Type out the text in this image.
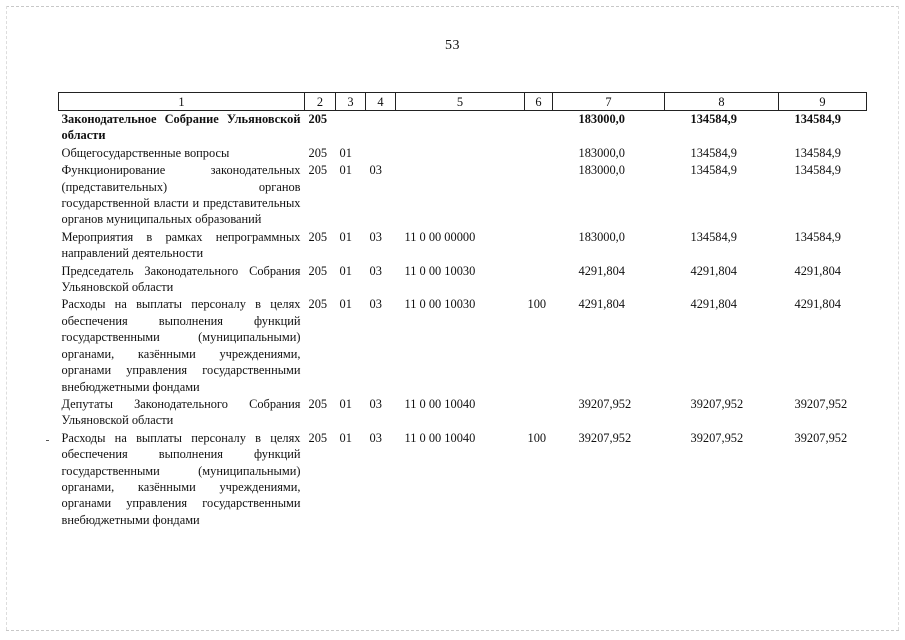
53
1	2	3	4	5	6	7	8	9
Законодательное Собрание Ульяновской области	205					183000,0	134584,9	134584,9
Общегосударственные вопросы	205	01				183000,0	134584,9	134584,9
Функционирование законодательных (представительных) органов государственной власти и представительных органов муниципальных образований	205	01	03			183000,0	134584,9	134584,9
Мероприятия в рамках непрограммных направлений деятельности	205	01	03	11 0 00 00000		183000,0	134584,9	134584,9
Председатель Законодательного Собрания Ульяновской области	205	01	03	11 0 00 10030		4291,804	4291,804	4291,804
Расходы на выплаты персоналу в целях обеспечения выполнения функций государственными (муниципальными) органами, казёнными учреждениями, органами управления государственными внебюджетными фондами	205	01	03	11 0 00 10030	100	4291,804	4291,804	4291,804
Депутаты Законодательного Собрания Ульяновской области	205	01	03	11 0 00 10040		39207,952	39207,952	39207,952
Расходы на выплаты персоналу в целях обеспечения выполнения функций государственными (муниципальными) органами, казёнными учреждениями, органами управления государственными внебюджетными фондами	205	01	03	11 0 00 10040	100	39207,952	39207,952	39207,952
